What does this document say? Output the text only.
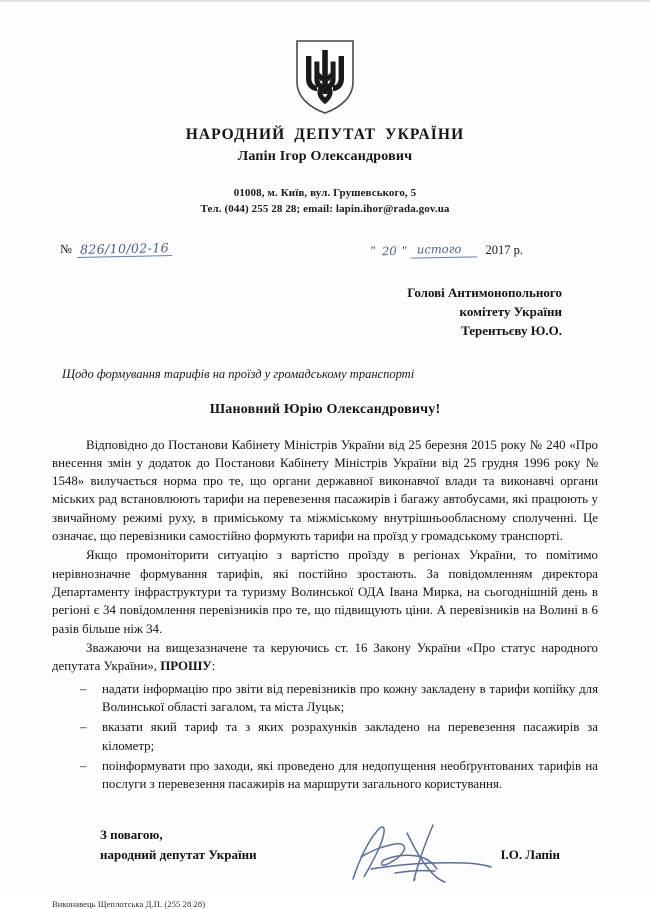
НАРОДНИЙ ДЕПУТАТ УКРАЇНИ
Лапін Ігор Олександрович
01008, м. Київ, вул. Грушевського, 5
Тел. (044) 255 28 28; email: lapin.ihor@rada.gov.ua
№ 826/10/02-16	" 20 " истого	2017 р.
Голові Антимонопольного
комітету України
Терентьєву Ю.О.
Щодо формування тарифів на проїзд у громадському транспорті
Шановний Юрію Олександровичу!

Відповідно до Постанови Кабінету Міністрів України від 25 березня 2015 року № 240 «Про внесення змін у додаток до Постанови Кабінету Міністрів України від 25 грудня 1996 року № 1548» вилучається норма про те, що органи державної виконавчої влади та виконавчі органи міських рад встановлюють тарифи на перевезення пасажирів і багажу автобусами, які працюють у звичайному режимі руху, в приміському та міжміському внутрішньообласному сполученні. Це означає, що перевізники самостійно формують тарифи на проїзд у громадському транспорті.

Якщо промоніторити ситуацію з вартістю проїзду в регіонах України, то помітимо нерівнозначне формування тарифів, які постійно зростають. За повідомленням директора Департаменту інфраструктури та туризму Волинської ОДА Івана Мирка, на сьогоднішній день в регіоні є 34 повідомлення перевізників про те, що підвищують ціни. А перевізників на Волині в 6 разів більше ніж 34.

Зважаючи на вищезазначене та керуючись ст. 16 Закону України «Про статус народного депутата України», ПРОШУ:

– надати інформацію про звіти від перевізників про кожну закладену в тарифи копійку для Волинської області загалом, та міста Луцьк;
– вказати який тариф та з яких розрахунків закладено на перевезення пасажирів за кілометр;
– поінформувати про заходи, які проведено для недопущення необґрунтованих тарифів на послуги з перевезення пасажирів на маршрути загального користування.
З повагою,
народний депутат України	І.О. Лапін
Виконавець Щеплотська Д.П. (255 28 28)
